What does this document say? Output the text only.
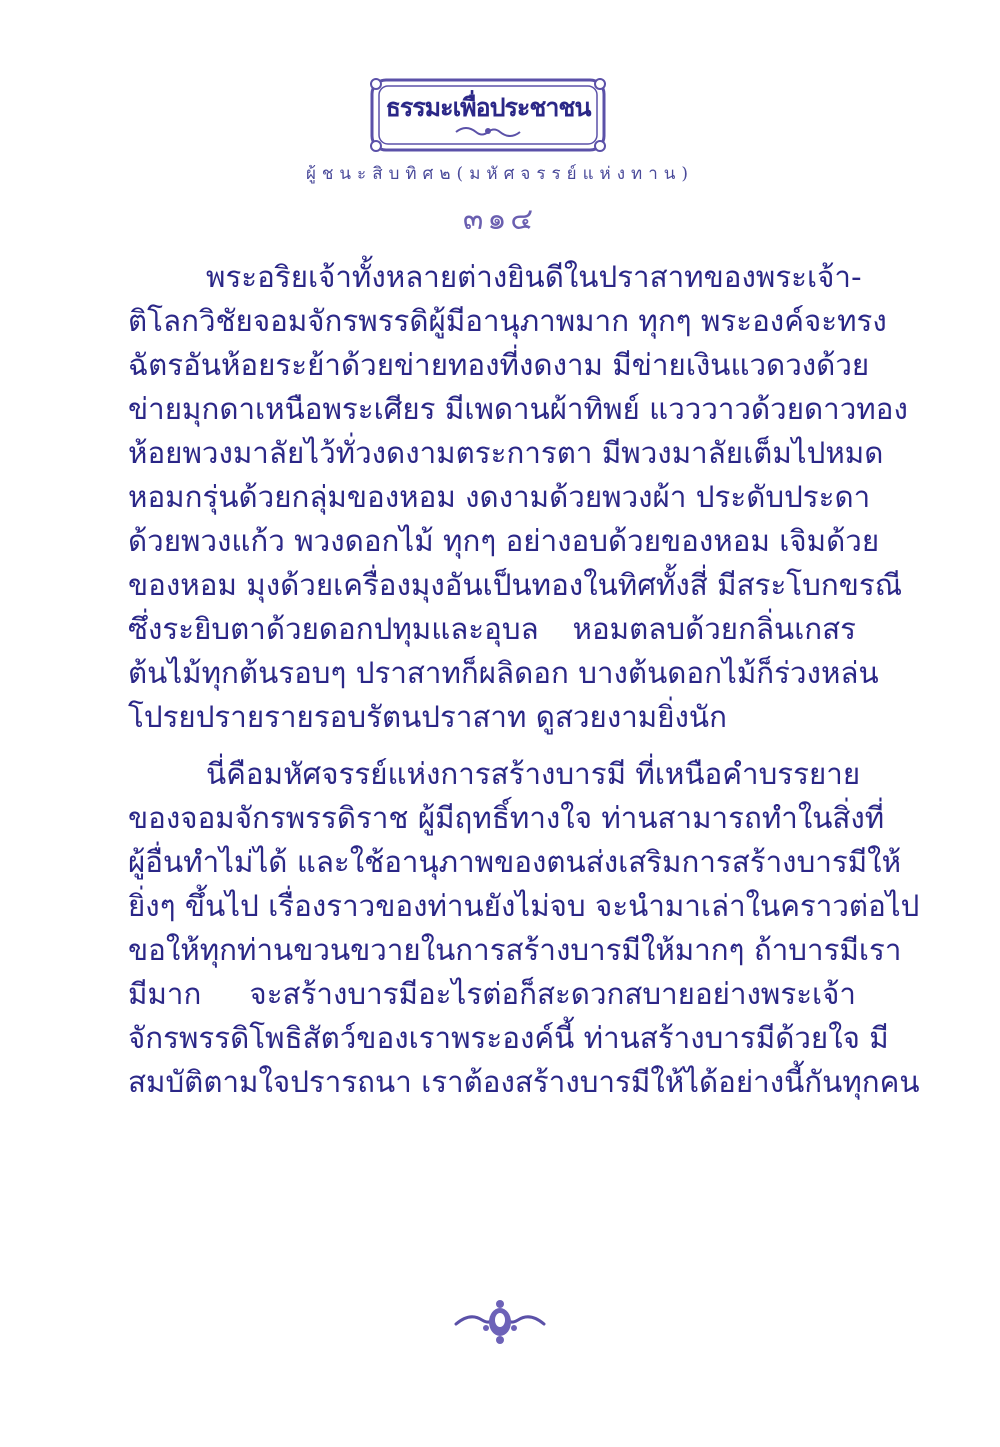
ธรรมะเพื่อประชาชน
ผู้ชนะสิบทิศ๒(มหัศจรรย์แห่งทาน)
๓๑๔
พระอริยเจ้าทั้งหลายต่างยินดีในปราสาทของพระเจ้า-
ติโลกวิชัยจอมจักรพรรดิผู้มีอานุภาพมาก ทุกๆ พระองค์จะทรง
ฉัตรอันห้อยระย้าด้วยข่ายทองที่งดงาม มีข่ายเงินแวดวงด้วย
ข่ายมุกดาเหนือพระเศียร มีเพดานผ้าทิพย์ แวววาวด้วยดาวทอง
ห้อยพวงมาลัยไว้ทั่วงดงามตระการตา มีพวงมาลัยเต็มไปหมด
หอมกรุ่นด้วยกลุ่มของหอม งดงามด้วยพวงผ้า ประดับประดา
ด้วยพวงแก้ว พวงดอกไม้ ทุกๆ อย่างอบด้วยของหอม เจิมด้วย
ของหอม มุงด้วยเครื่องมุงอันเป็นทองในทิศทั้งสี่ มีสระโบกขรณี
ซึ่งระยิบตาด้วยดอกปทุมและอุบล หอมตลบด้วยกลิ่นเกสร
ต้นไม้ทุกต้นรอบๆ ปราสาทก็ผลิดอก บางต้นดอกไม้ก็ร่วงหล่น
โปรยปรายรายรอบรัตนปราสาท ดูสวยงามยิ่งนัก
นี่คือมหัศจรรย์แห่งการสร้างบารมี ที่เหนือคำบรรยาย
ของจอมจักรพรรดิราช ผู้มีฤทธิ์ทางใจ ท่านสามารถทำในสิ่งที่
ผู้อื่นทำไม่ได้ และใช้อานุภาพของตนส่งเสริมการสร้างบารมีให้
ยิ่งๆ ขึ้นไป เรื่องราวของท่านยังไม่จบ จะนำมาเล่าในคราวต่อไป
ขอให้ทุกท่านขวนขวายในการสร้างบารมีให้มากๆ ถ้าบารมีเรา
มีมาก จะสร้างบารมีอะไรต่อก็สะดวกสบายอย่างพระเจ้า
จักรพรรดิโพธิสัตว์ของเราพระองค์นี้ ท่านสร้างบารมีด้วยใจ มี
สมบัติตามใจปรารถนา เราต้องสร้างบารมีให้ได้อย่างนี้กันทุกคน
